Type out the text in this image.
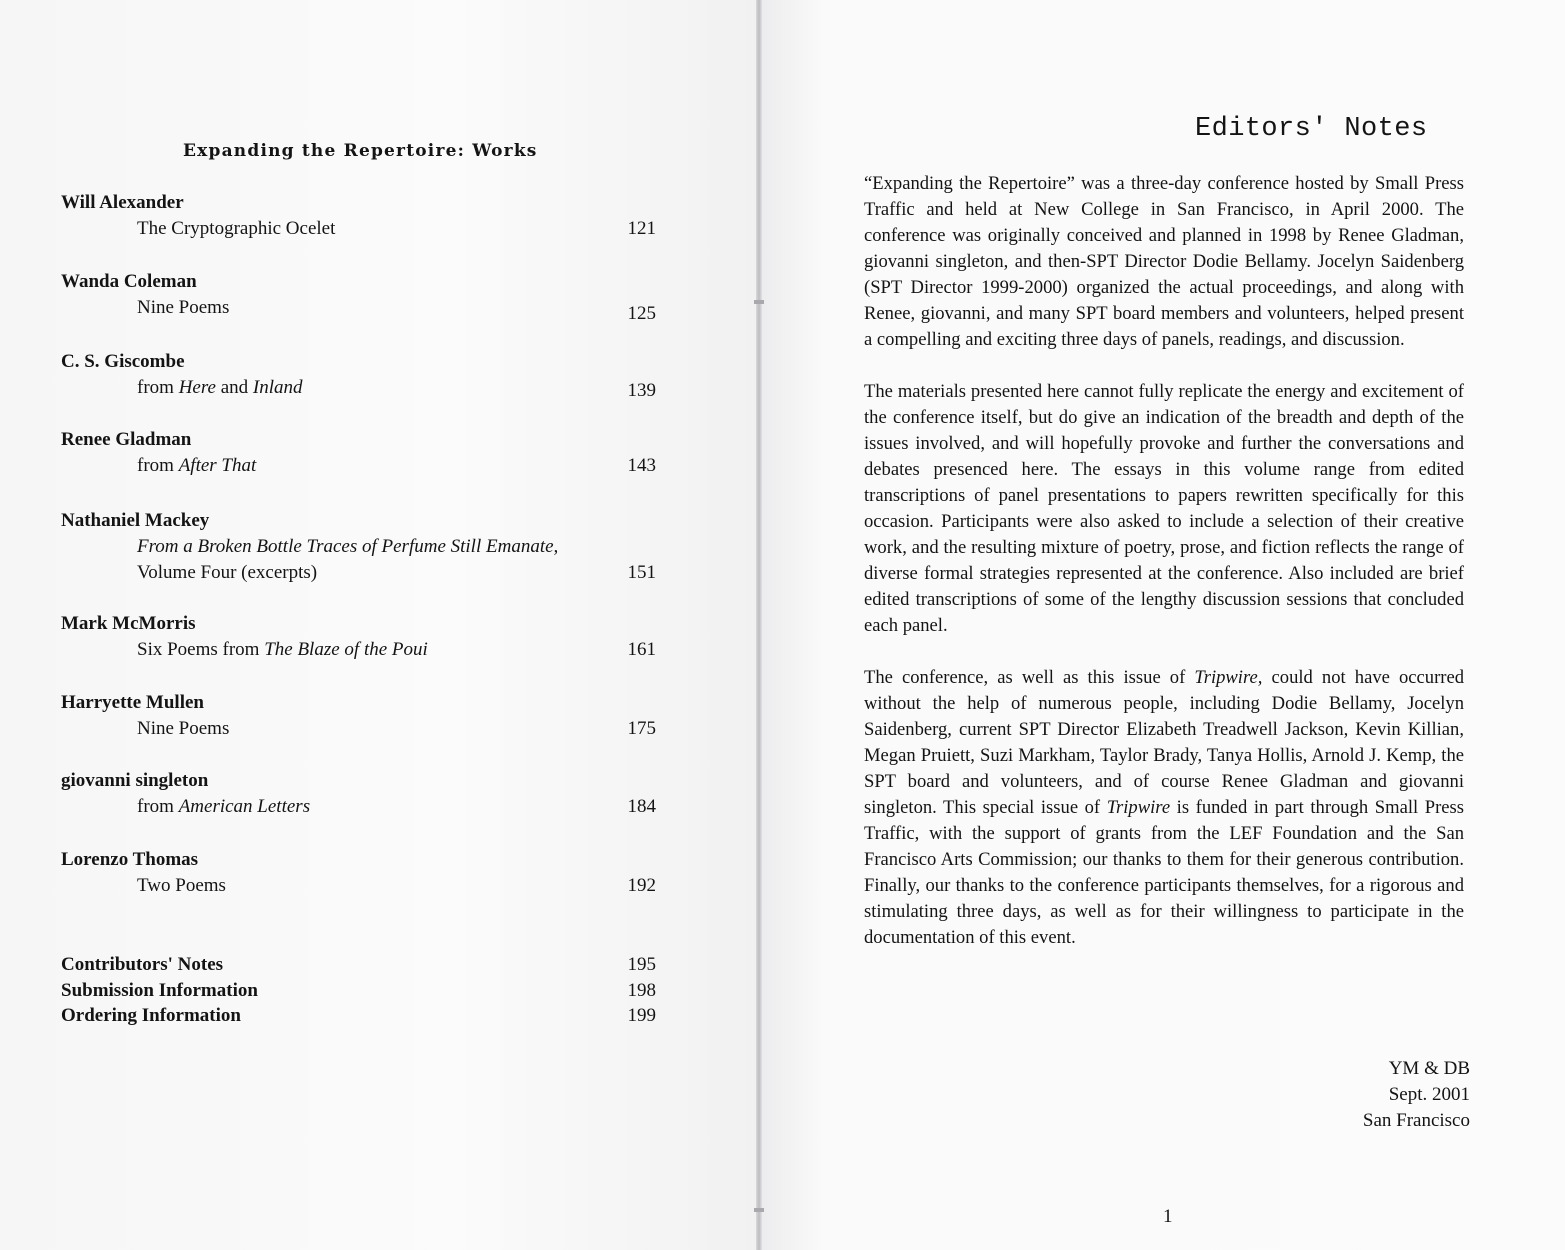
Expanding the Repertoire: Works
Will Alexander
The Cryptographic Ocelet	121
Wanda Coleman
Nine Poems	125
C. S. Giscombe
from Here and Inland	139
Renee Gladman
from After That	143
Nathaniel Mackey
From a Broken Bottle Traces of Perfume Still Emanate,
Volume Four (excerpts)	151
Mark McMorris
Six Poems from The Blaze of the Poui	161
Harryette Mullen
Nine Poems	175
giovanni singleton
from American Letters	184
Lorenzo Thomas
Two Poems	192
Contributors' Notes	195
Submission Information	198
Ordering Information	199
Editors' Notes

“Expanding the Repertoire” was a three-day conference hosted by Small Press Traffic and held at New College in San Francisco, in April 2000. The conference was originally conceived and planned in 1998 by Renee Gladman, giovanni singleton, and then-SPT Director Dodie Bellamy. Jocelyn Saidenberg (SPT Director 1999-2000) organized the actual proceedings, and along with Renee, giovanni, and many SPT board members and volunteers, helped present a compelling and exciting three days of panels, readings, and discussion.

The materials presented here cannot fully replicate the energy and excitement of the conference itself, but do give an indication of the breadth and depth of the issues involved, and will hopefully provoke and further the conversations and debates presenced here. The essays in this volume range from edited transcriptions of panel presentations to papers rewritten specifically for this occasion. Participants were also asked to include a selection of their creative work, and the resulting mixture of poetry, prose, and fiction reflects the range of diverse formal strategies represented at the conference. Also included are brief edited transcriptions of some of the lengthy discussion sessions that concluded each panel.

The conference, as well as this issue of Tripwire, could not have occurred without the help of numerous people, including Dodie Bellamy, Jocelyn Saidenberg, current SPT Director Elizabeth Treadwell Jackson, Kevin Killian, Megan Pruiett, Suzi Markham, Taylor Brady, Tanya Hollis, Arnold J. Kemp, the SPT board and volunteers, and of course Renee Gladman and giovanni singleton. This special issue of Tripwire is funded in part through Small Press Traffic, with the support of grants from the LEF Foundation and the San Francisco Arts Commission; our thanks to them for their generous contribution. Finally, our thanks to the conference participants themselves, for a rigorous and stimulating three days, as well as for their willingness to participate in the documentation of this event.

YM & DB
Sept. 2001
San Francisco
1
